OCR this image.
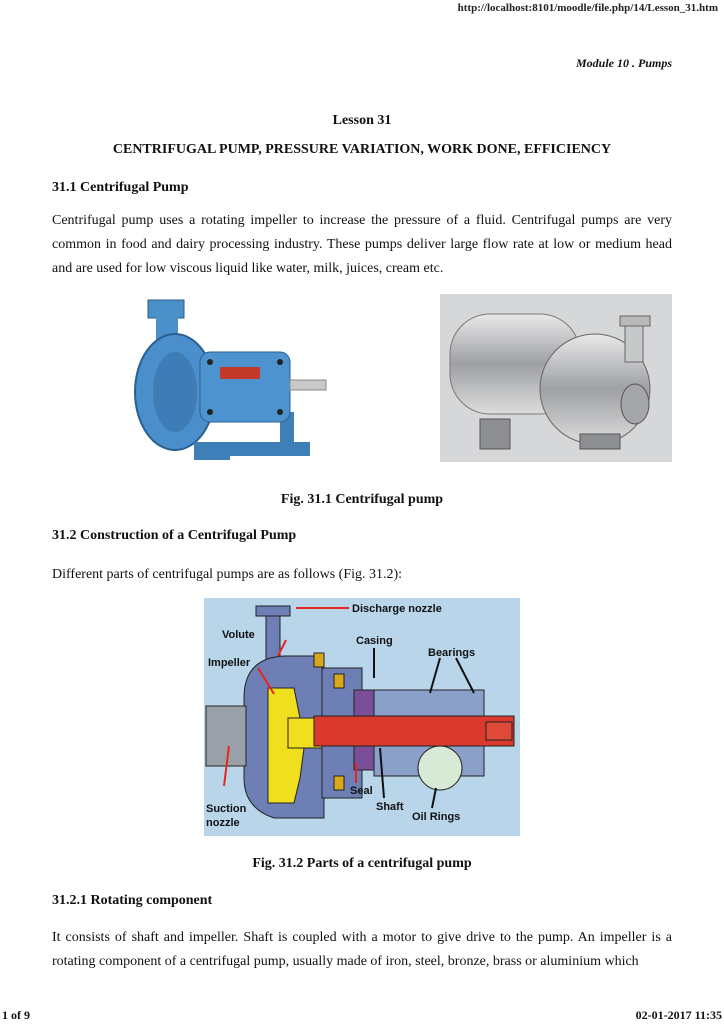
http://localhost:8101/moodle/file.php/14/Lesson_31.htm
Module 10 . Pumps
Lesson 31
CENTRIFUGAL PUMP, PRESSURE VARIATION, WORK DONE, EFFICIENCY
31.1 Centrifugal Pump
Centrifugal pump uses a rotating impeller to increase the pressure of a fluid. Centrifugal pumps are very common in food and dairy processing industry. These pumps deliver large flow rate at low or medium head and are used for low viscous liquid like water, milk, juices, cream etc.
Fig. 31.1 Centrifugal pump
31.2 Construction of a Centrifugal Pump
Different parts of centrifugal pumps are as follows (Fig. 31.2):
Discharge nozzle
Volute	Casing
Impeller
Bearings
Seal
Shaft
Oil Rings
Suction
nozzle
Fig. 31.2 Parts of a centrifugal pump
31.2.1 Rotating component
It consists of shaft and impeller. Shaft is coupled with a motor to give drive to the pump. An impeller is a rotating component of a centrifugal pump, usually made of iron, steel, bronze, brass or aluminium which
1 of 9	02-01-2017 11:35
